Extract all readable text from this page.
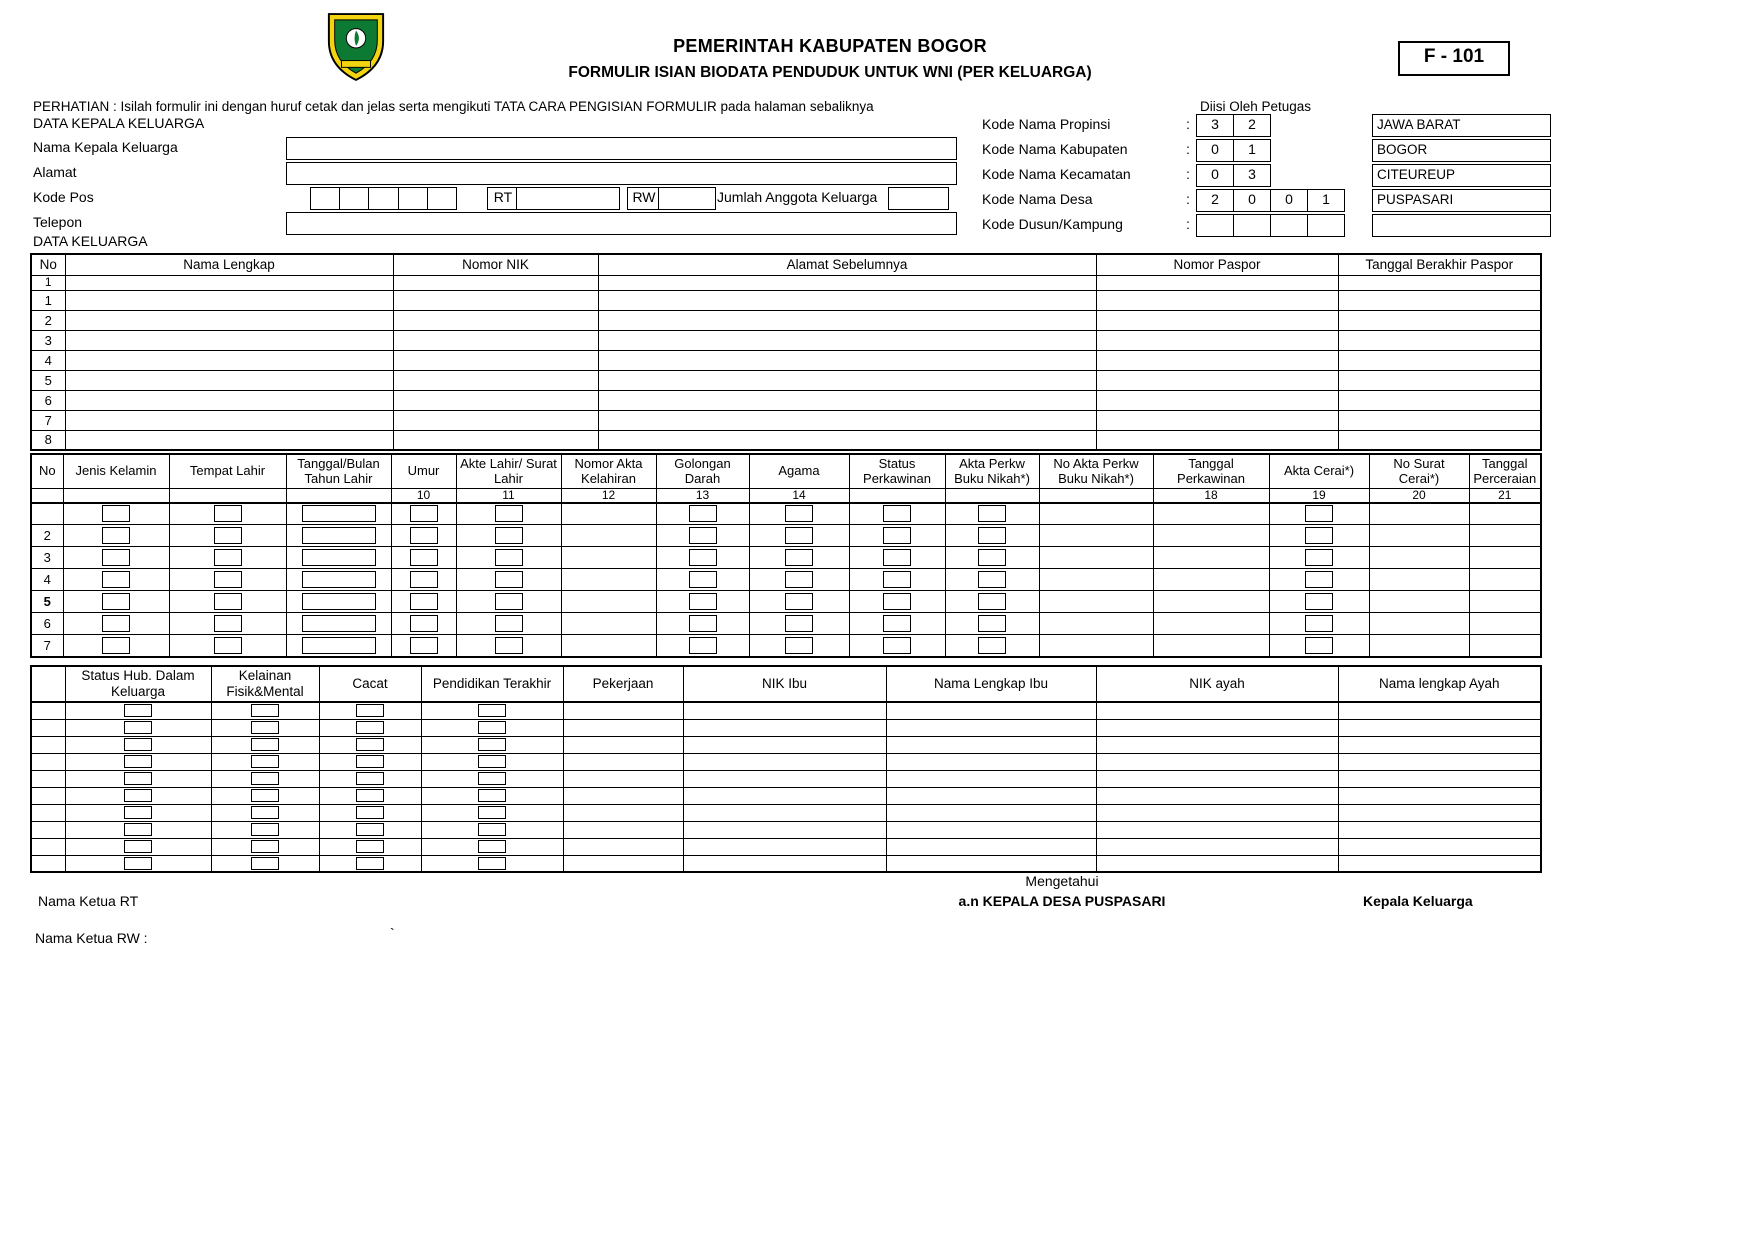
PEMERINTAH KABUPATEN BOGOR
FORMULIR ISIAN BIODATA PENDUDUK UNTUK WNI (PER KELUARGA)
F - 101
PERHATIAN : Isilah formulir ini dengan huruf cetak dan jelas serta mengikuti TATA CARA PENGISIAN FORMULIR pada halaman sebaliknya	Diisi Oleh Petugas
DATA KEPALA KELUARGA
Nama Kepala Keluarga
Alamat
Kode Pos	RT	RW	Jumlah Anggota Keluarga
Telepon
DATA KELUARGA
Kode Nama Propinsi	:	3	2	JAWA BARAT
Kode Nama Kabupaten	:	0	1	BOGOR
Kode Nama Kecamatan	:	0	3	CITEUREUP
Kode Nama Desa	:	2	0	0	1	PUSPASARI
Kode Dusun/Kampung	:
No	Nama Lengkap	Nomor NIK	Alamat Sebelumnya	Nomor Paspor	Tanggal Berakhir Paspor
1					
1					
2					
3					
4					
5					
6					
7					
8					
No	Jenis Kelamin	Tempat Lahir	Tanggal/Bulan Tahun Lahir	Umur	Akte Lahir/ Surat Lahir	Nomor Akta Kelahiran	Golongan Darah	Agama	Status Perkawinan	Akta Perkw Buku Nikah*)	No Akta Perkw Buku Nikah*)	Tanggal Perkawinan	Akta Cerai*)	No Surat Cerai*)	Tanggal Perceraian
				10	11	12	13	14				18	19	20	21

2	

3	

4	

5	

6	

7	

	Status Hub. Dalam Keluarga	Kelainan Fisik&Mental	Cacat	Pendidikan Terakhir	Pekerjaan	NIK Ibu	Nama Lengkap Ibu	NIK ayah	Nama lengkap Ayah

Mengetahui
Nama Ketua RT	a.n KEPALA DESA PUSPASARI	Kepala Keluarga
Nama Ketua RW :	`
